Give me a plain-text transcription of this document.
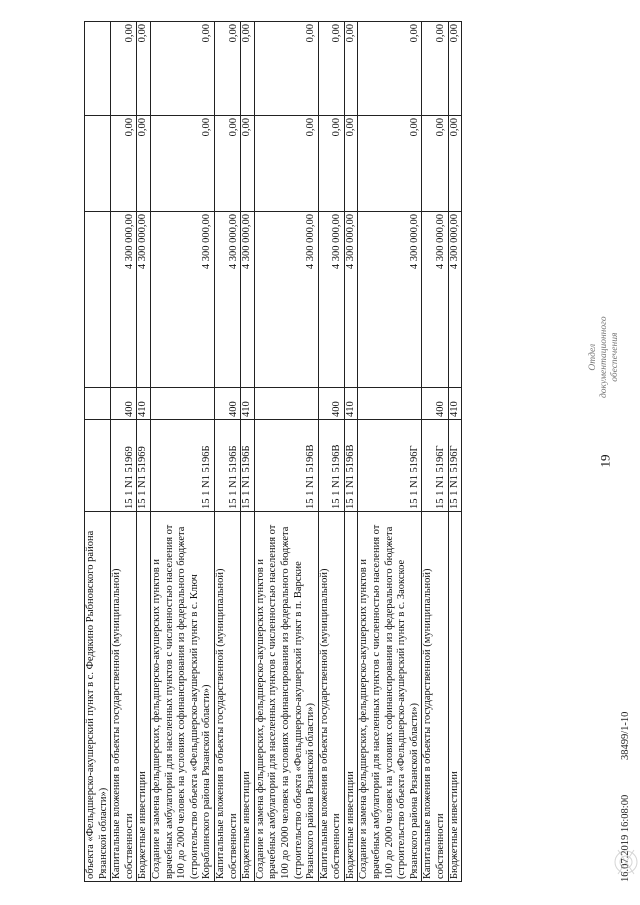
объекта «Фельдшерско-акушерский пункт в с. Федякино Рыбновского района Рязанской области»)					
Капитальные вложения в объекты государственной (муниципальной) собственности	15 1 N1 51969	400	4 300 000,00	0,00	0,00
Бюджетные инвестиции	15 1 N1 51969	410	4 300 000,00	0,00	0,00
Создание и замена фельдшерских, фельдшерско-акушерских пунктов и врачебных амбулаторий для населенных пунктов с численностью населения от 100 до 2000 человек на условиях софинансирования из федерального бюджета (строительство объекта «Фельдшерско-акушерский пункт в с. Ключ Кораблинского района Рязанской области»)	15 1 N1 5196Б		4 300 000,00	0,00	0,00
Капитальные вложения в объекты государственной (муниципальной) собственности	15 1 N1 5196Б	400	4 300 000,00	0,00	0,00
Бюджетные инвестиции	15 1 N1 5196Б	410	4 300 000,00	0,00	0,00
Создание и замена фельдшерских, фельдшерско-акушерских пунктов и врачебных амбулаторий для населенных пунктов с численностью населения от 100 до 2000 человек на условиях софинансирования из федерального бюджета (строительство объекта «Фельдшерско-акушерский пункт в п. Варские Рязанского района Рязанской области»)	15 1 N1 5196В		4 300 000,00	0,00	0,00
Капитальные вложения в объекты государственной (муниципальной) собственности	15 1 N1 5196В	400	4 300 000,00	0,00	0,00
Бюджетные инвестиции	15 1 N1 5196В	410	4 300 000,00	0,00	0,00
Создание и замена фельдшерских, фельдшерско-акушерских пунктов и врачебных амбулаторий для населенных пунктов с численностью населения от 100 до 2000 человек на условиях софинансирования из федерального бюджета (строительство объекта «Фельдшерско-акушерский пункт в с. Заокское Рязанского района Рязанской области»)	15 1 N1 5196Г		4 300 000,00	0,00	0,00
Капитальные вложения в объекты государственной (муниципальной) собственности	15 1 N1 5196Г	400	4 300 000,00	0,00	0,00
Бюджетные инвестиции	15 1 N1 5196Г	410	4 300 000,00	0,00	0,00
19
Отдел документационного обеспечения
16.07.2019 16:08:00
38499/1-10
